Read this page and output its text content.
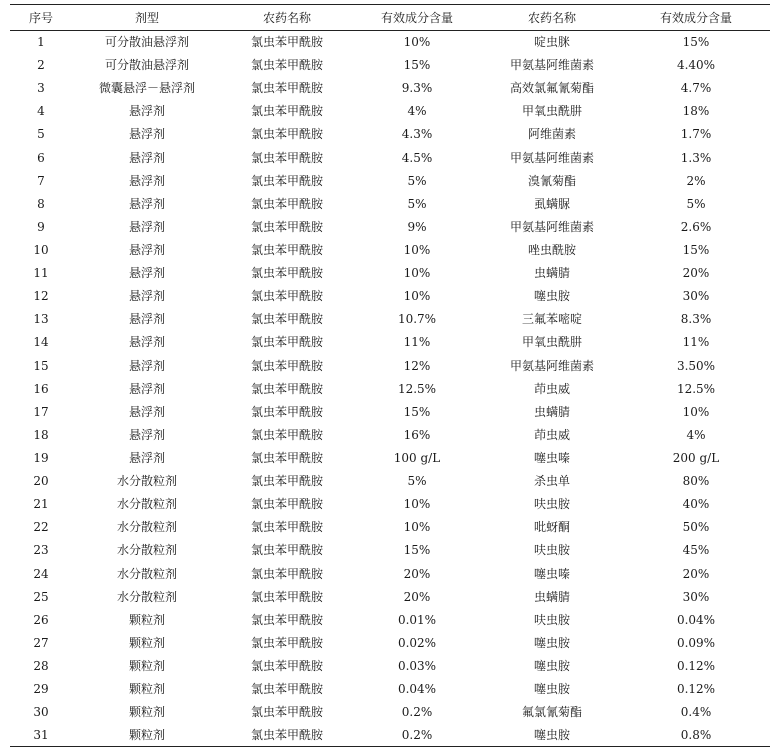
序号	剂型	农药名称	有效成分含量	农药名称	有效成分含量
1	可分散油悬浮剂	氯虫苯甲酰胺	10%	啶虫脒	15%
2	可分散油悬浮剂	氯虫苯甲酰胺	15%	甲氨基阿维菌素	4.40%
3	微囊悬浮－悬浮剂	氯虫苯甲酰胺	9.3%	高效氯氟氰菊酯	4.7%
4	悬浮剂	氯虫苯甲酰胺	4%	甲氧虫酰肼	18%
5	悬浮剂	氯虫苯甲酰胺	4.3%	阿维菌素	1.7%
6	悬浮剂	氯虫苯甲酰胺	4.5%	甲氨基阿维菌素	1.3%
7	悬浮剂	氯虫苯甲酰胺	5%	溴氰菊酯	2%
8	悬浮剂	氯虫苯甲酰胺	5%	虱螨脲	5%
9	悬浮剂	氯虫苯甲酰胺	9%	甲氨基阿维菌素	2.6%
10	悬浮剂	氯虫苯甲酰胺	10%	唑虫酰胺	15%
11	悬浮剂	氯虫苯甲酰胺	10%	虫螨腈	20%
12	悬浮剂	氯虫苯甲酰胺	10%	噻虫胺	30%
13	悬浮剂	氯虫苯甲酰胺	10.7%	三氟苯嘧啶	8.3%
14	悬浮剂	氯虫苯甲酰胺	11%	甲氧虫酰肼	11%
15	悬浮剂	氯虫苯甲酰胺	12%	甲氨基阿维菌素	3.50%
16	悬浮剂	氯虫苯甲酰胺	12.5%	茚虫威	12.5%
17	悬浮剂	氯虫苯甲酰胺	15%	虫螨腈	10%
18	悬浮剂	氯虫苯甲酰胺	16%	茚虫威	4%
19	悬浮剂	氯虫苯甲酰胺	100 g/L	噻虫嗪	200 g/L
20	水分散粒剂	氯虫苯甲酰胺	5%	杀虫单	80%
21	水分散粒剂	氯虫苯甲酰胺	10%	呋虫胺	40%
22	水分散粒剂	氯虫苯甲酰胺	10%	吡蚜酮	50%
23	水分散粒剂	氯虫苯甲酰胺	15%	呋虫胺	45%
24	水分散粒剂	氯虫苯甲酰胺	20%	噻虫嗪	20%
25	水分散粒剂	氯虫苯甲酰胺	20%	虫螨腈	30%
26	颗粒剂	氯虫苯甲酰胺	0.01%	呋虫胺	0.04%
27	颗粒剂	氯虫苯甲酰胺	0.02%	噻虫胺	0.09%
28	颗粒剂	氯虫苯甲酰胺	0.03%	噻虫胺	0.12%
29	颗粒剂	氯虫苯甲酰胺	0.04%	噻虫胺	0.12%
30	颗粒剂	氯虫苯甲酰胺	0.2%	氟氯氰菊酯	0.4%
31	颗粒剂	氯虫苯甲酰胺	0.2%	噻虫胺	0.8%
